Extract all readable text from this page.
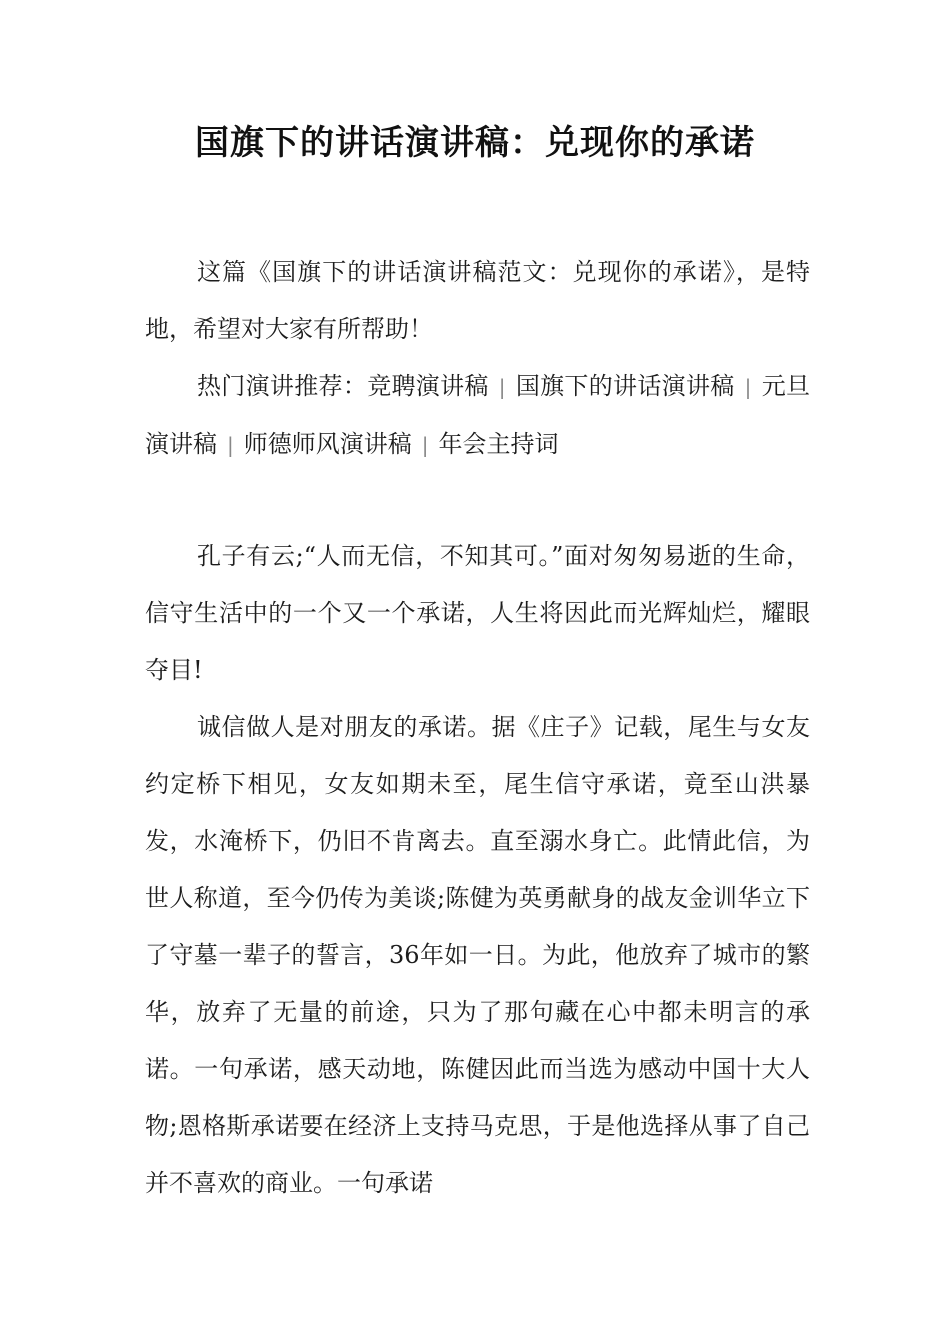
国旗下的讲话演讲稿：兑现你的承诺

这篇《国旗下的讲话演讲稿范文：兑现你的承诺》，是特地，希望对大家有所帮助！

热门演讲推荐：竞聘演讲稿 | 国旗下的讲话演讲稿 | 元旦演讲稿 | 师德师风演讲稿 | 年会主持词

孔子有云;“人而无信，不知其可。”面对匆匆易逝的生命，信守生活中的一个又一个承诺，人生将因此而光辉灿烂，耀眼夺目!

诚信做人是对朋友的承诺。据《庄子》记载，尾生与女友约定桥下相见，女友如期未至，尾生信守承诺，竟至山洪暴发，水淹桥下，仍旧不肯离去。直至溺水身亡。此情此信，为世人称道，至今仍传为美谈;陈健为英勇献身的战友金训华立下了守墓一辈子的誓言，36年如一日。为此，他放弃了城市的繁华，放弃了无量的前途，只为了那句藏在心中都未明言的承诺。一句承诺，感天动地，陈健因此而当选为感动中国十大人物;恩格斯承诺要在经济上支持马克思，于是他选择从事了自己并不喜欢的商业。一句承诺
